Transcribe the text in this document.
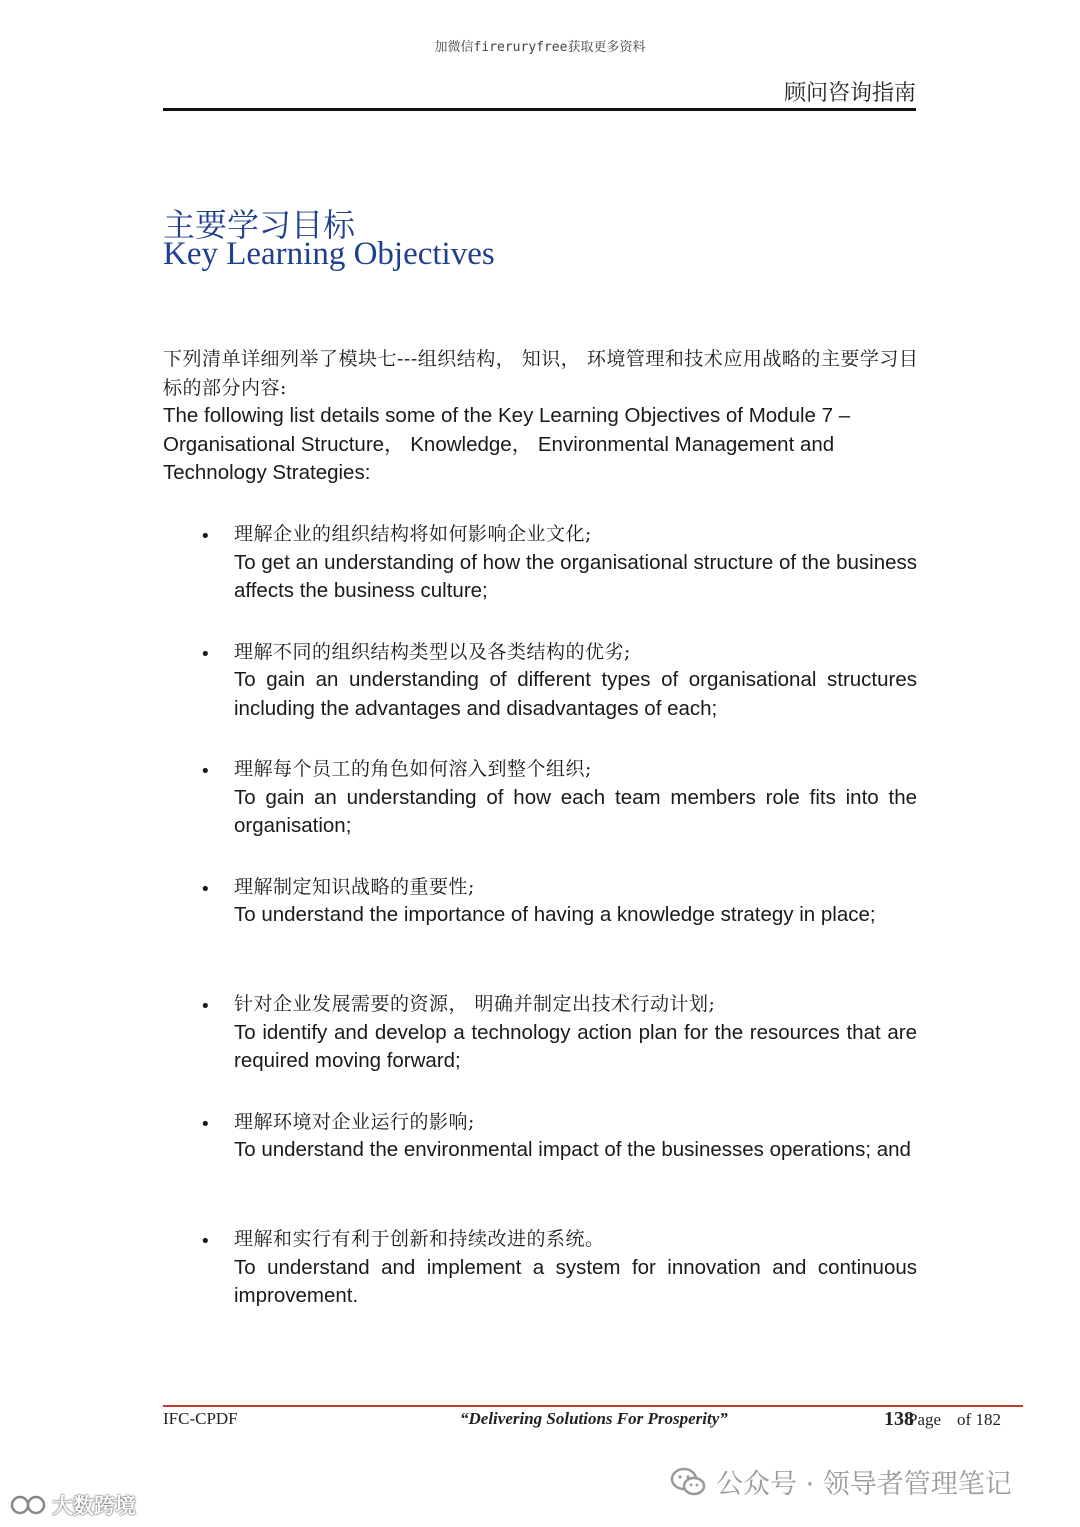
加微信fireruryfree获取更多资料
顾问咨询指南
主要学习目标
Key Learning Objectives
下列清单详细列举了模块七---组织结构， 知识， 环境管理和技术应用战略的主要学习目标的部分内容:
The following list details some of the Key Learning Objectives of Module 7 – Organisational Structure， Knowledge， Environmental Management and Technology Strategies:
• 理解企业的组织结构将如何影响企业文化;
To get an understanding of how the organisational structure of the business affects the business culture;
• 理解不同的组织结构类型以及各类结构的优劣;
To gain an understanding of different types of organisational structures including the advantages and disadvantages of each;
• 理解每个员工的角色如何溶入到整个组织;
To gain an understanding of how each team members role fits into the organisation;
• 理解制定知识战略的重要性;
To understand the importance of having a knowledge strategy in place;
• 针对企业发展需要的资源， 明确并制定出技术行动计划;
To identify and develop a technology action plan for the resources that are required moving forward;
• 理解环境对企业运行的影响;
To understand the environmental impact of the businesses operations; and
• 理解和实行有利于创新和持续改进的系统。
To understand and implement a system for innovation and continuous improvement.
IFC-CPDF	“Delivering Solutions For Prosperity”	138Page of 182
公众号 · 领导者管理笔记
大数跨境
